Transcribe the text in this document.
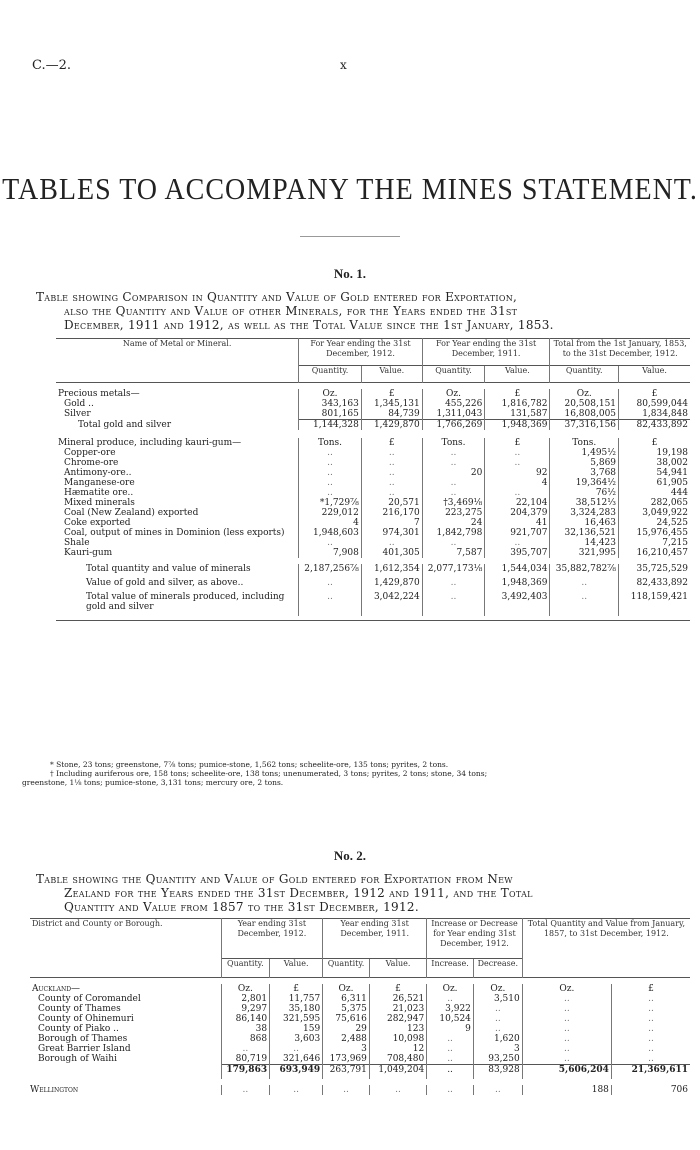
C.—2.	x
TABLES TO ACCOMPANY THE MINES STATEMENT.
No. 1.
Table showing Comparison in Quantity and Value of Gold entered for Exportation,
also the Quantity and Value of other Minerals, for the Years ended the 31st
December, 1911 and 1912, as well as the Total Value since the 1st January, 1853.
Name of Metal or Mineral.	For Year ending the 31st December, 1912.		For Year ending the 31st December, 1911.		Total from the 1st January, 1853, to the 31st December, 1912.	
	Quantity.	Value.	Quantity.	Value.	Quantity.	Value.

Precious metals—	Oz.	£	Oz.	£	Oz.	£
Gold ..	343,163	1,345,131	455,226	1,816,782	20,508,151	80,599,044
Silver	801,165	84,739	1,311,043	131,587	16,808,005	1,834,848
Total gold and silver	1,144,328	1,429,870	1,766,269	1,948,369	37,316,156	82,433,892

Mineral produce, including kauri-gum—	Tons.	£	Tons.	£	Tons.	£
Copper-ore	..	..	..	..	1,495½	19,198
Chrome-ore	..	..	..	..	5,869	38,002
Antimony-ore..	..	..	20	92	3,768	54,941
Manganese-ore	..	..	..	4	19,364½	61,905
Hæmatite ore..	..	..	..	..	76½	444
Mixed minerals	*1,729⅞	20,571	†3,469⅛	22,104	38,512⅓	282,065
Coal (New Zealand) exported	229,012	216,170	223,275	204,379	3,324,283	3,049,922
Coke exported	4	7	24	41	16,463	24,525
Coal, output of mines in Dominion (less exports)	1,948,603	974,301	1,842,798	921,707	32,136,521	15,976,455
Shale	..	..	..	..	14,423	7,215
Kauri-gum	7,908	401,305	7,587	395,707	321,995	16,210,457

Total quantity and value of minerals	2,187,256⅞	1,612,354	2,077,173⅛	1,544,034	35,882,782⅞	35,725,529
Value of gold and silver, as above..	..	1,429,870	..	1,948,369	..	82,433,892
Total value of minerals produced, including gold and silver	..	3,042,224	..	3,492,403	..	118,159,421

* Stone, 23 tons; greenstone, 7⅞ tons; pumice-stone, 1,562 tons; scheelite-ore, 135 tons; pyrites, 2 tons.
† Including auriferous ore, 158 tons; scheelite-ore, 138 tons; unenumerated, 3 tons; pyrites, 2 tons; stone, 34 tons;
greenstone, 1⅛ tons; pumice-stone, 3,131 tons; mercury ore, 2 tons.
No. 2.
Table showing the Quantity and Value of Gold entered for Exportation from New
Zealand for the Years ended the 31st December, 1912 and 1911, and the Total
Quantity and Value from 1857 to the 31st December, 1912.
District and County or Borough.	Year ending 31st December, 1912.		Year ending 31st December, 1911.		Increase or Decrease for Year ending 31st December, 1912.		Total Quantity and Value from January, 1857, to 31st December, 1912.	
	Quantity.	Value.	Quantity.	Value.	Increase.	Decrease.		

Auckland—	Oz.	£	Oz.	£	Oz.	Oz.	Oz.	£
County of Coromandel	2,801	11,757	6,311	26,521	..	3,510	..	..
County of Thames	9,297	35,180	5,375	21,023	3,922	..	..	..
County of Ohinemuri	86,140	321,595	75,616	282,947	10,524	..	..	..
County of Piako ..	38	159	29	123	9	..	..	..
Borough of Thames	868	3,603	2,488	10,098	..	1,620	..	..
Great Barrier Island	..	..	3	12	..	3	..	..
Borough of Waihi	80,719	321,646	173,969	708,480	..	93,250	..	..
	179,863	693,949	263,791	1,049,204	..	83,928	5,606,204	21,369,611

Wellington	..	..	..	..	..	..	188	706
